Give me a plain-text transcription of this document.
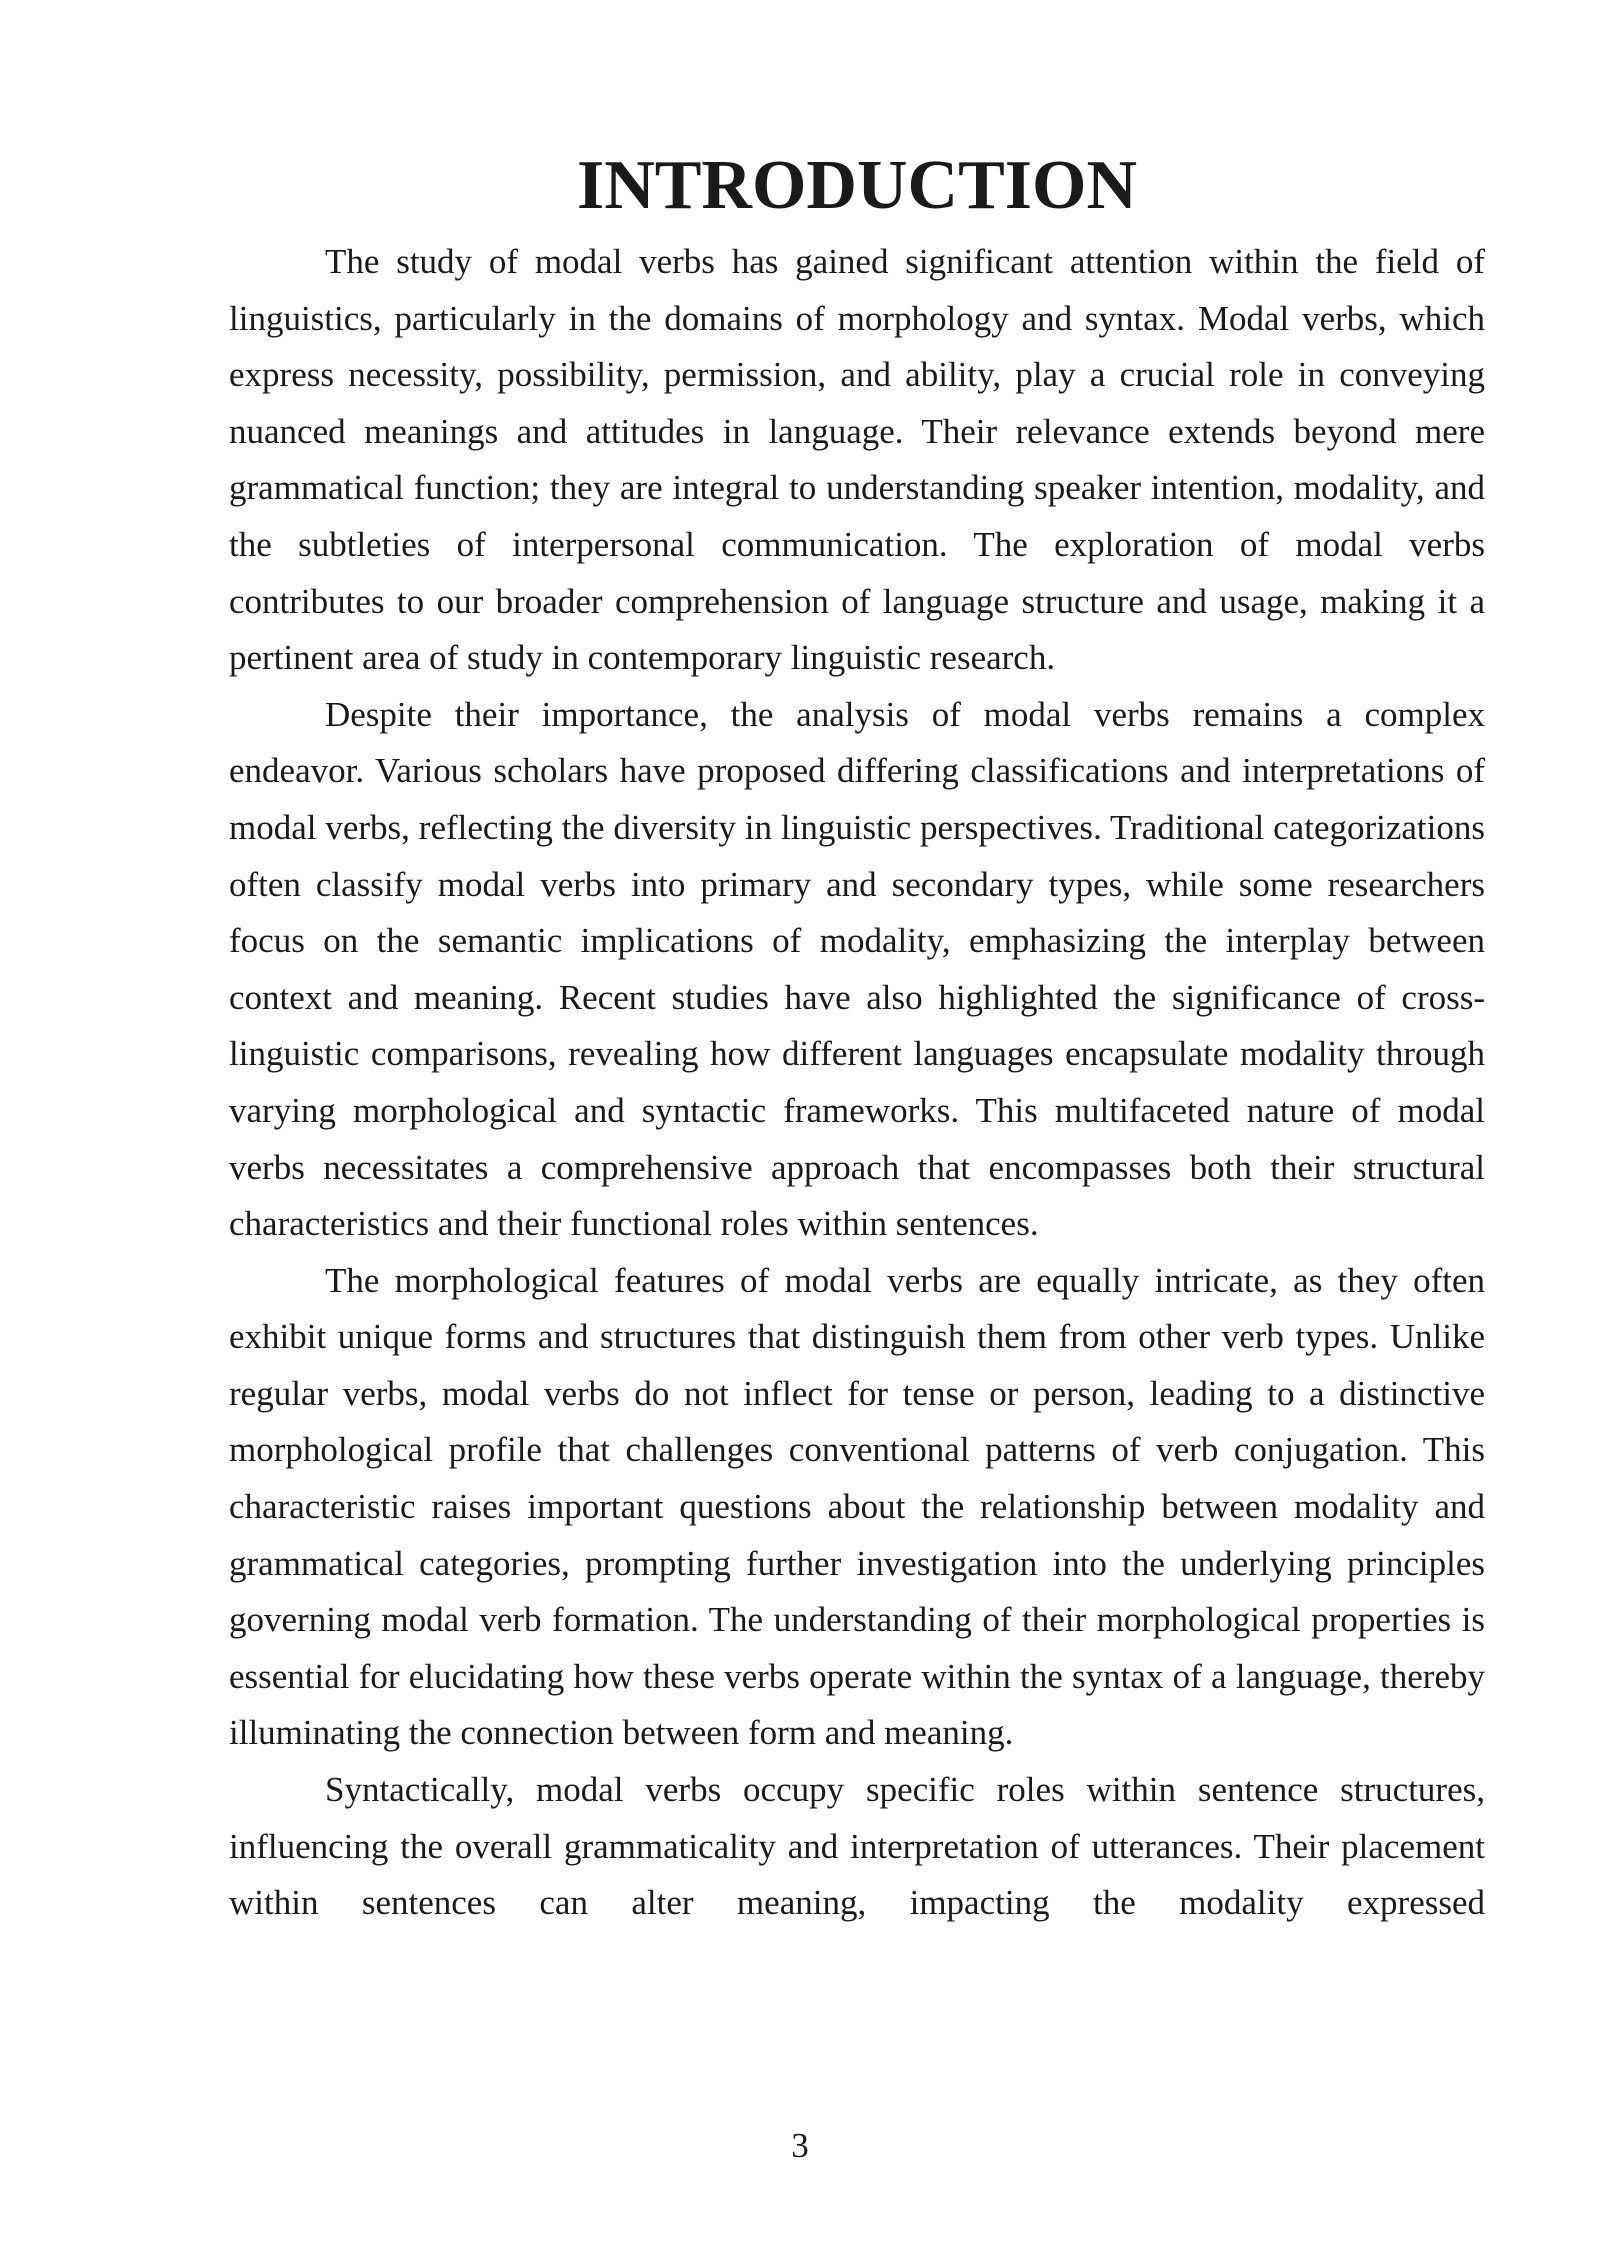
INTRODUCTION

The study of modal verbs has gained significant attention within the field of linguistics, particularly in the domains of morphology and syntax. Modal verbs, which express necessity, possibility, permission, and ability, play a crucial role in conveying nuanced meanings and attitudes in language. Their relevance extends beyond mere grammatical function; they are integral to understanding speaker intention, modality, and the subtleties of interpersonal communication. The exploration of modal verbs contributes to our broader comprehension of language structure and usage, making it a pertinent area of study in contemporary linguistic research.

Despite their importance, the analysis of modal verbs remains a complex endeavor. Various scholars have proposed differing classifications and interpretations of modal verbs, reflecting the diversity in linguistic perspectives. Traditional categorizations often classify modal verbs into primary and secondary types, while some researchers focus on the semantic implications of modality, emphasizing the interplay between context and meaning. Recent studies have also highlighted the significance of cross-linguistic comparisons, revealing how different languages encapsulate modality through varying morphological and syntactic frameworks. This multifaceted nature of modal verbs necessitates a comprehensive approach that encompasses both their structural characteristics and their functional roles within sentences.

The morphological features of modal verbs are equally intricate, as they often exhibit unique forms and structures that distinguish them from other verb types. Unlike regular verbs, modal verbs do not inflect for tense or person, leading to a distinctive morphological profile that challenges conventional patterns of verb conjugation. This characteristic raises important questions about the relationship between modality and grammatical categories, prompting further investigation into the underlying principles governing modal verb formation. The understanding of their morphological properties is essential for elucidating how these verbs operate within the syntax of a language, thereby illuminating the connection between form and meaning.

Syntactically, modal verbs occupy specific roles within sentence structures, influencing the overall grammaticality and interpretation of utterances. Their placement within sentences can alter meaning, impacting the modality expressed

3
